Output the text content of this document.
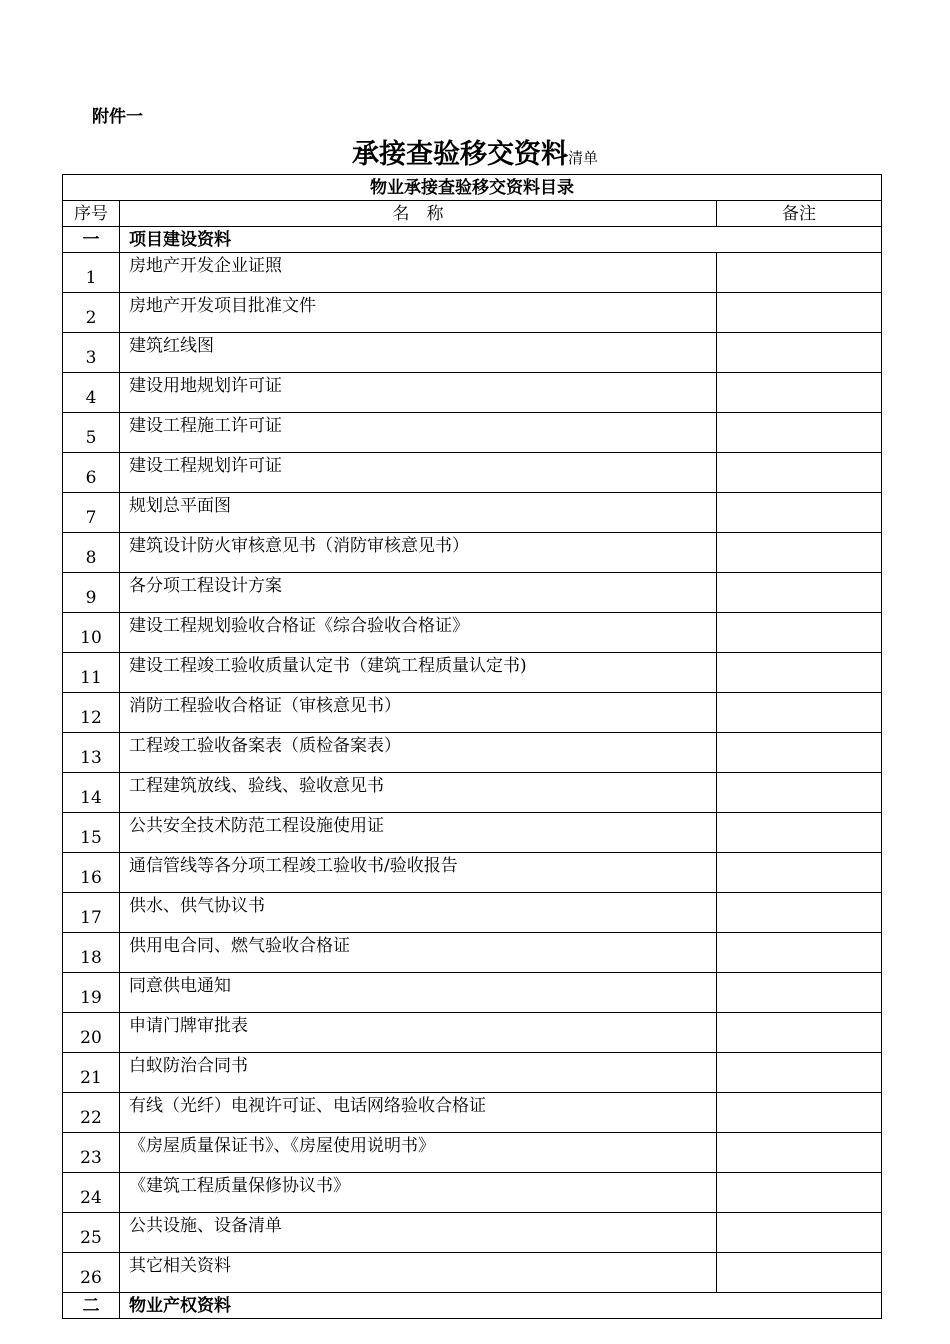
附件一
承接查验移交资料清单
物业承接查验移交资料目录		
序号	名　称	备注
一	项目建设资料	
1	房地产开发企业证照	
2	房地产开发项目批准文件	
3	建筑红线图	
4	建设用地规划许可证	
5	建设工程施工许可证	
6	建设工程规划许可证	
7	规划总平面图	
8	建筑设计防火审核意见书（消防审核意见书）	
9	各分项工程设计方案	
10	建设工程规划验收合格证《综合验收合格证》	
11	建设工程竣工验收质量认定书（建筑工程质量认定书)	
12	消防工程验收合格证（审核意见书）	
13	工程竣工验收备案表（质检备案表）	
14	工程建筑放线、验线、验收意见书	
15	公共安全技术防范工程设施使用证	
16	通信管线等各分项工程竣工验收书/验收报告	
17	供水、供气协议书	
18	供用电合同、燃气验收合格证	
19	同意供电通知	
20	申请门牌审批表	
21	白蚁防治合同书	
22	有线（光纤）电视许可证、电话网络验收合格证	
23	《房屋质量保证书》、《房屋使用说明书》	
24	《建筑工程质量保修协议书》	
25	公共设施、设备清单	
26	其它相关资料	
二	物业产权资料	
